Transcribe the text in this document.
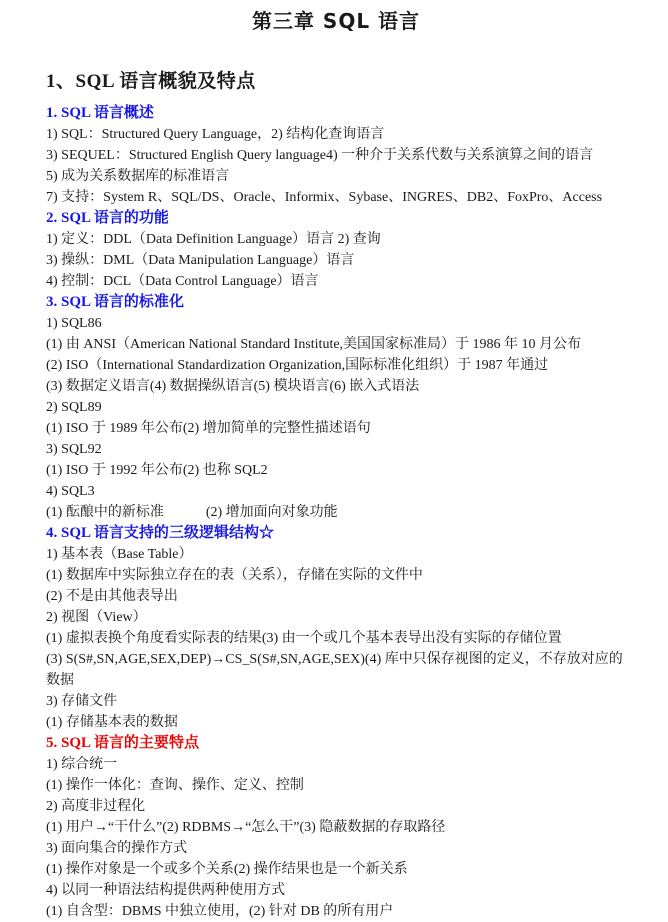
第三章 SQL 语言
1、SQL 语言概貌及特点
1. SQL 语言概述
1) SQL：Structured Query Language，2) 结构化查询语言
3) SEQUEL：Structured English Query language4) 一种介于关系代数与关系演算之间的语言
5) 成为关系数据库的标准语言
7) 支持：System R、SQL/DS、Oracle、Informix、Sybase、INGRES、DB2、FoxPro、Access
2. SQL 语言的功能
1) 定义：DDL（Data Definition Language）语言 2) 查询
3) 操纵：DML（Data Manipulation Language）语言
4) 控制：DCL（Data Control Language）语言
3. SQL 语言的标准化
1) SQL86
(1) 由 ANSI（American National Standard Institute,美国国家标准局）于 1986 年 10 月公布
(2) ISO（International Standardization Organization,国际标准化组织）于 1987 年通过
(3) 数据定义语言(4) 数据操纵语言(5) 模块语言(6) 嵌入式语法
2) SQL89
(1) ISO 于 1989 年公布(2) 增加简单的完整性描述语句
3) SQL92
(1) ISO 于 1992 年公布(2) 也称 SQL2
4) SQL3
(1) 酝酿中的新标准　　　(2) 增加面向对象功能
4. SQL 语言支持的三级逻辑结构☆
1) 基本表（Base Table）
(1) 数据库中实际独立存在的表（关系），存储在实际的文件中
(2) 不是由其他表导出
2) 视图（View）
(1) 虚拟表换个角度看实际表的结果(3) 由一个或几个基本表导出没有实际的存储位置
(3) S(S#,SN,AGE,SEX,DEP)→CS_S(S#,SN,AGE,SEX)(4) 库中只保存视图的定义，不存放对应的数据
3) 存储文件
(1) 存储基本表的数据
5. SQL 语言的主要特点
1) 综合统一
(1) 操作一体化：查询、操作、定义、控制
2) 高度非过程化
(1) 用户→“干什么”(2) RDBMS→“怎么干”(3) 隐蔽数据的存取路径
3) 面向集合的操作方式
(1) 操作对象是一个或多个关系(2) 操作结果也是一个新关系
4) 以同一种语法结构提供两种使用方式
(1) 自含型：DBMS 中独立使用，(2) 针对 DB 的所有用户
